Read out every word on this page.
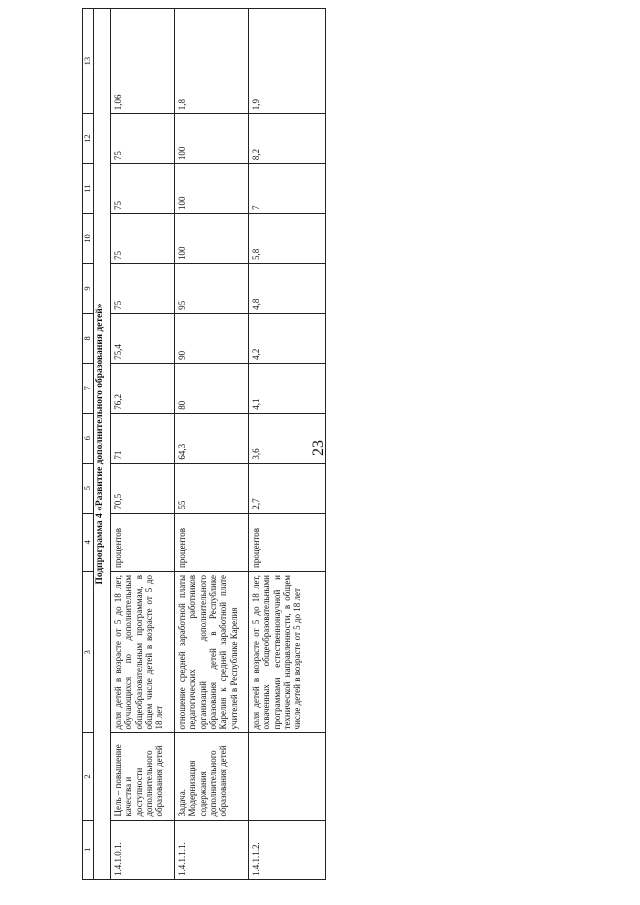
23
1	2	3	4	5	6	7	8	9	10	11	12	13
Подпрограмма 4 «Развитие дополнительного образования детей»												
1.4.1.0.1.	Цель – повышение качества и доступности дополнительного образования детей	доля детей в возрасте от 5 до 18 лет, обучающихся по дополнительным общеобразовательным программам, в общем числе детей в возрасте от 5 до 18 лет	процентов	70,5	71	76,2	75,4	75	75	75	75	1,06
1.4.1.1.1.	Задача. Модернизация содержания дополнительного образования детей	отношение средней заработной платы педагогических работников организаций дополнительного образования детей в Республике Карелия к средней заработной плате учителей в Республике Карелия	процентов	55	64,3	80	90	95	100	100	100	1,8
1.4.1.1.2.		доля детей в возрасте от 5 до 18 лет, охваченных общеобразовательными программами естественнонаучной и технической направленности, в общем числе детей в возрасте от 5 до 18 лет	процентов	2,7	3,6	4,1	4,2	4,8	5,8	7	8,2	1,9
